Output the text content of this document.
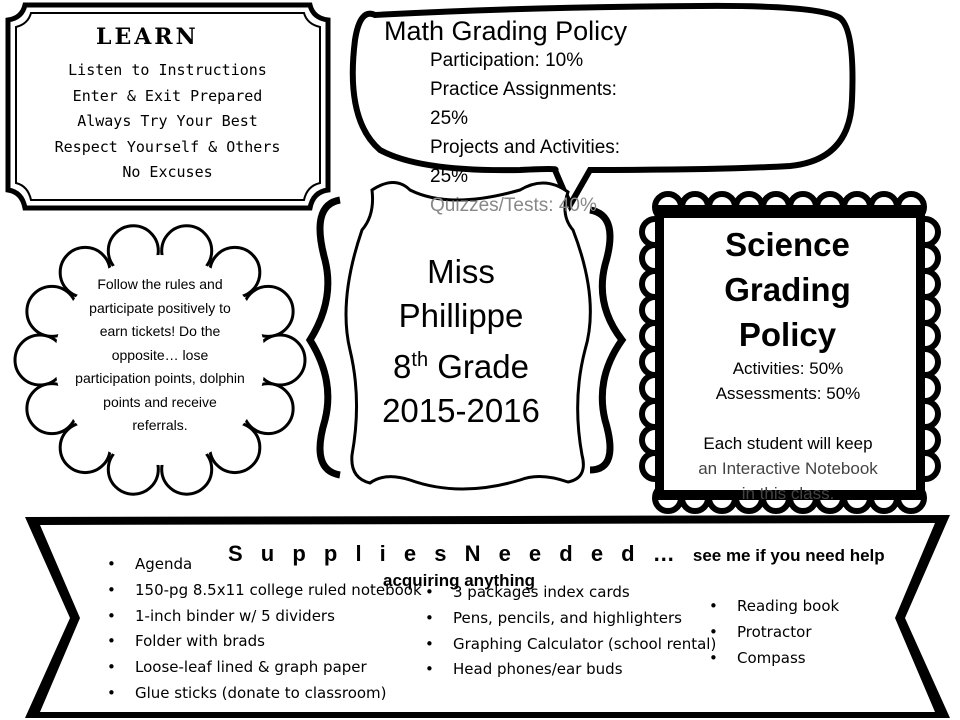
LEARN
Listen to Instructions
Enter & Exit Prepared
Always Try Your Best
Respect Yourself & Others
No Excuses
Math Grading Policy
Participation: 10%
Practice Assignments:
25%
Projects and Activities:
25%
Quizzes/Tests: 40%
Follow the rules and participate positively to earn tickets! Do the opposite… lose participation points, dolphin points and receive referrals.
Miss
Phillippe
8th Grade
2015-2016
Science
Grading
Policy
Activities: 50%
Assessments: 50%
Each student will keep
an Interactive Notebook
in this class.
S u p p l i e s N e e d e d … see me if you need help
acquiring anything
• Agenda
• 150-pg 8.5x11 college ruled notebook
• 1-inch binder w/ 5 dividers
• Folder with brads
• Loose-leaf lined & graph paper
• Glue sticks (donate to classroom)
• 3 packages index cards
• Pens, pencils, and highlighters
• Graphing Calculator (school rental)
• Head phones/ear buds
• Reading book
• Protractor
• Compass
